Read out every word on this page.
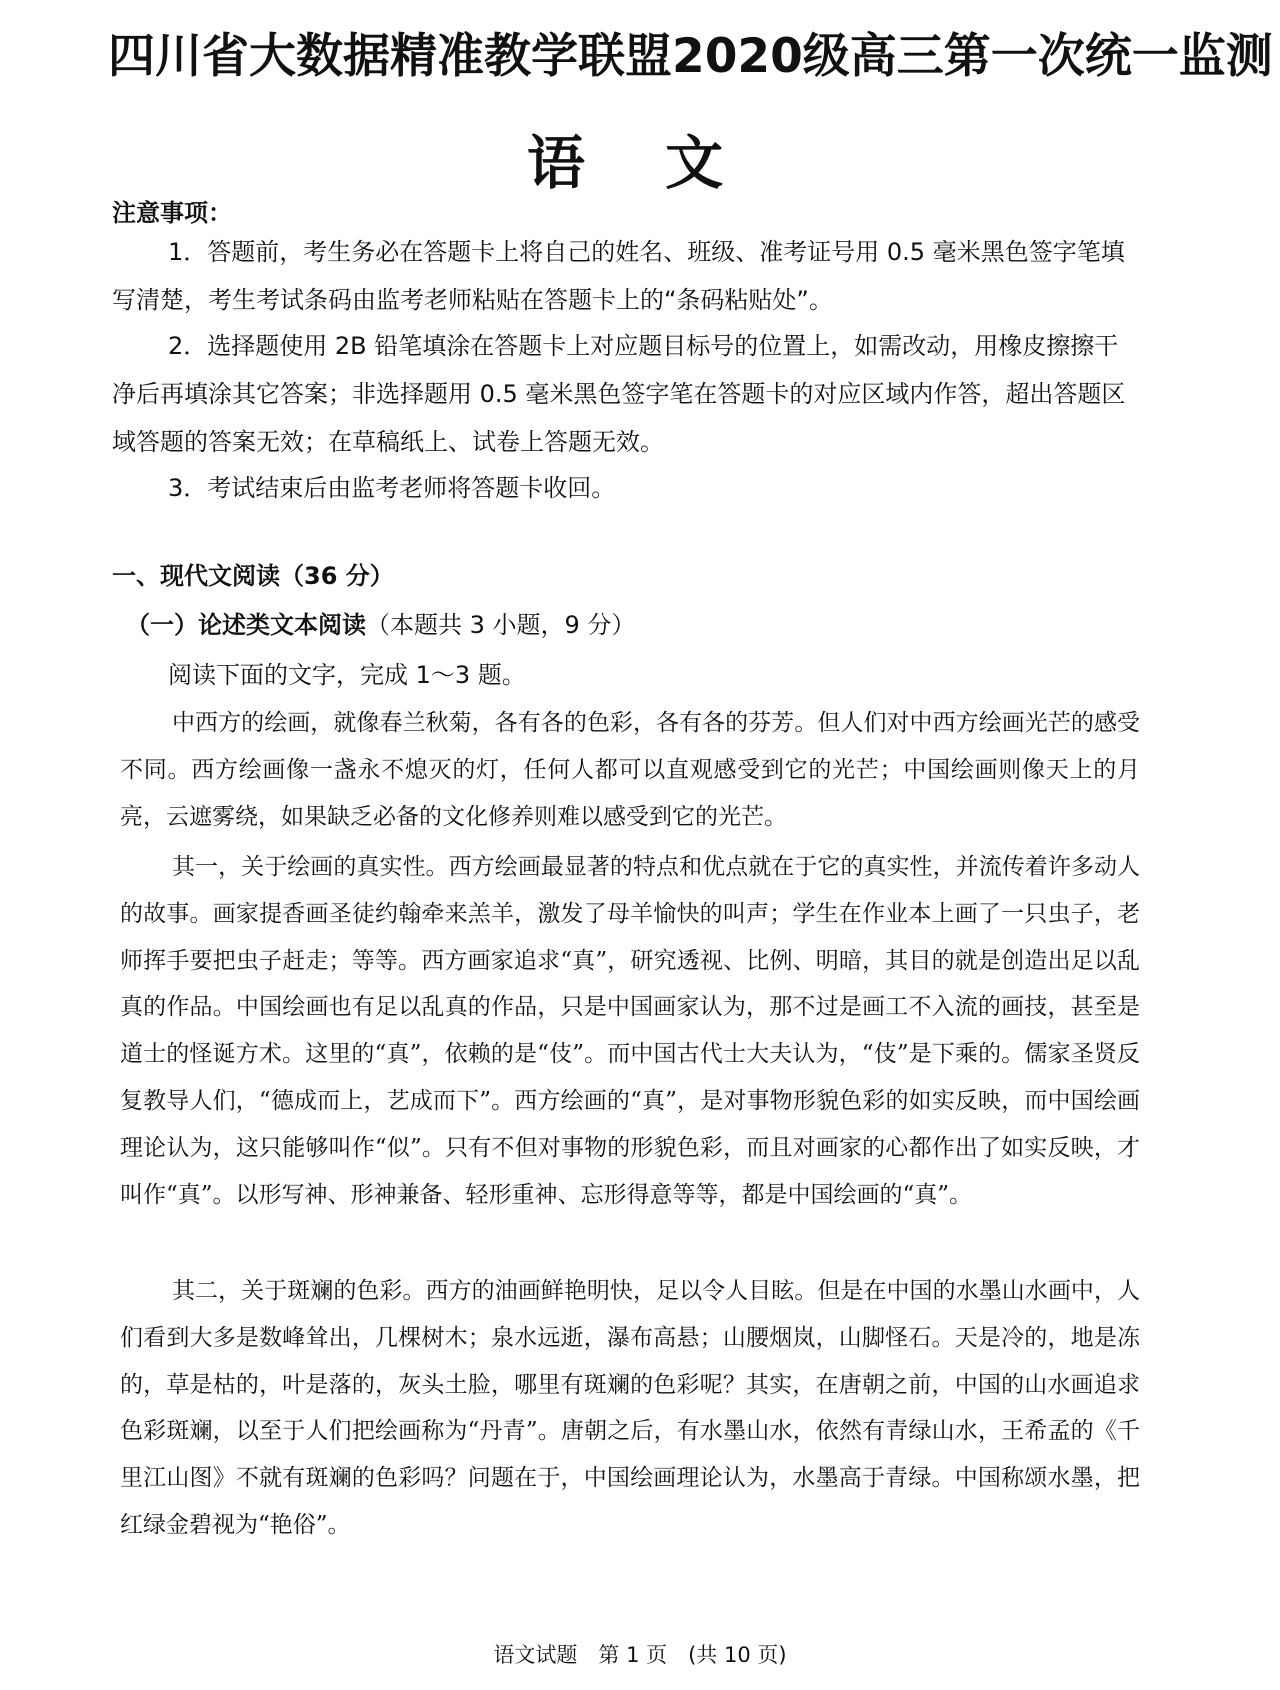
四川省大数据精准教学联盟2020级高三第一次统一监测
语 文
注意事项：
1．答题前，考生务必在答题卡上将自己的姓名、班级、准考证号用 0.5 毫米黑色签字笔填写清楚，考生考试条码由监考老师粘贴在答题卡上的“条码粘贴处”。
2．选择题使用 2B 铅笔填涂在答题卡上对应题目标号的位置上，如需改动，用橡皮擦擦干净后再填涂其它答案；非选择题用 0.5 毫米黑色签字笔在答题卡的对应区域内作答，超出答题区域答题的答案无效；在草稿纸上、试卷上答题无效。
3．考试结束后由监考老师将答题卡收回。
一、现代文阅读（36 分）
（一）论述类文本阅读（本题共 3 小题，9 分）
阅读下面的文字，完成 1～3 题。
中西方的绘画，就像春兰秋菊，各有各的色彩，各有各的芬芳。但人们对中西方绘画光芒的感受不同。西方绘画像一盏永不熄灭的灯，任何人都可以直观感受到它的光芒；中国绘画则像天上的月亮，云遮雾绕，如果缺乏必备的文化修养则难以感受到它的光芒。
其一，关于绘画的真实性。西方绘画最显著的特点和优点就在于它的真实性，并流传着许多动人的故事。画家提香画圣徒约翰牵来羔羊，激发了母羊愉快的叫声；学生在作业本上画了一只虫子，老师挥手要把虫子赶走；等等。西方画家追求“真”，研究透视、比例、明暗，其目的就是创造出足以乱真的作品。中国绘画也有足以乱真的作品，只是中国画家认为，那不过是画工不入流的画技，甚至是道士的怪诞方术。这里的“真”，依赖的是“伎”。而中国古代士大夫认为，“伎”是下乘的。儒家圣贤反复教导人们，“德成而上，艺成而下”。西方绘画的“真”，是对事物形貌色彩的如实反映，而中国绘画理论认为，这只能够叫作“似”。只有不但对事物的形貌色彩，而且对画家的心都作出了如实反映，才叫作“真”。以形写神、形神兼备、轻形重神、忘形得意等等，都是中国绘画的“真”。
其二，关于斑斓的色彩。西方的油画鲜艳明快，足以令人目眩。但是在中国的水墨山水画中，人们看到大多是数峰耸出，几棵树木；泉水远逝，瀑布高悬；山腰烟岚，山脚怪石。天是冷的，地是冻的，草是枯的，叶是落的，灰头土脸，哪里有斑斓的色彩呢？其实，在唐朝之前，中国的山水画追求色彩斑斓，以至于人们把绘画称为“丹青”。唐朝之后，有水墨山水，依然有青绿山水，王希孟的《千里江山图》不就有斑斓的色彩吗？问题在于，中国绘画理论认为，水墨高于青绿。中国称颂水墨，把红绿金碧视为“艳俗”。
语文试题　第 1 页　(共 10 页)
